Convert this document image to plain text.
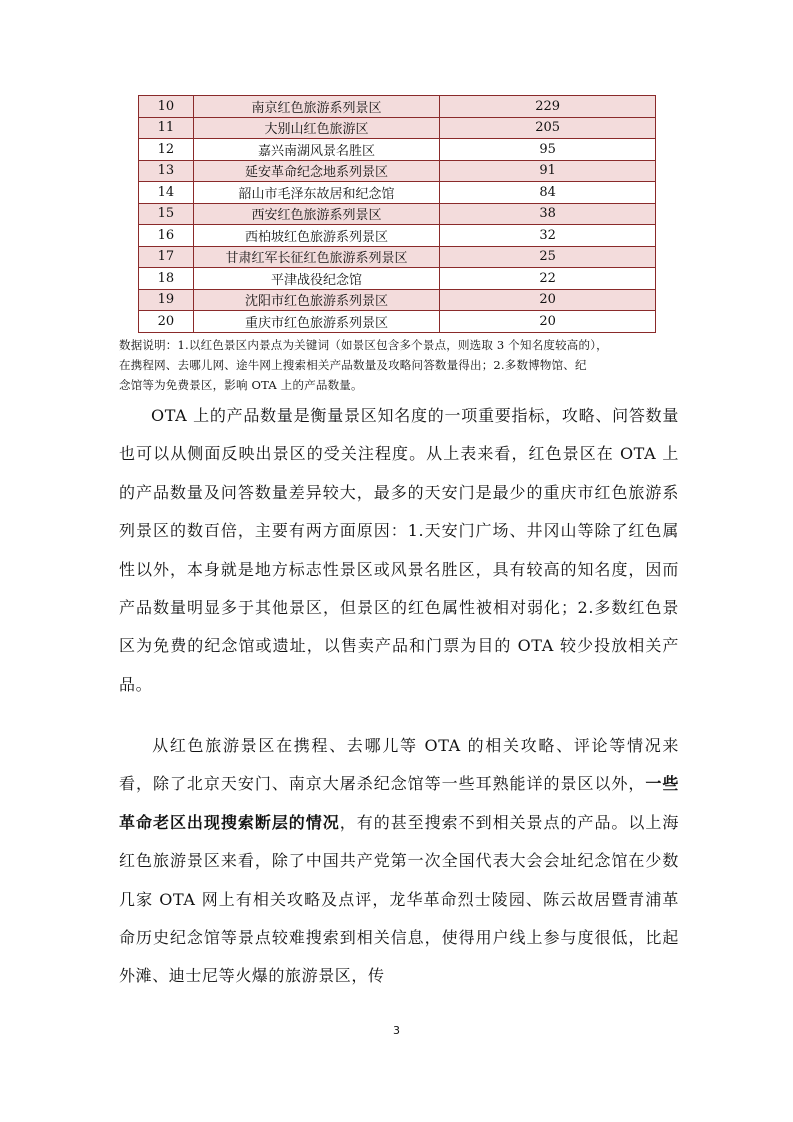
10	南京红色旅游系列景区	229
11	大别山红色旅游区	205
12	嘉兴南湖风景名胜区	95
13	延安革命纪念地系列景区	91
14	韶山市毛泽东故居和纪念馆	84
15	西安红色旅游系列景区	38
16	西柏坡红色旅游系列景区	32
17	甘肃红军长征红色旅游系列景区	25
18	平津战役纪念馆	22
19	沈阳市红色旅游系列景区	20
20	重庆市红色旅游系列景区	20
数据说明：1.以红色景区内景点为关键词（如景区包含多个景点，则选取 3 个知名度较高的），
在携程网、去哪儿网、途牛网上搜索相关产品数量及攻略问答数量得出；2.多数博物馆、纪
念馆等为免费景区，影响 OTA 上的产品数量。
OTA 上的产品数量是衡量景区知名度的一项重要指标，攻略、问答数量也可以从侧面反映出景区的受关注程度。从上表来看，红色景区在 OTA 上的产品数量及问答数量差异较大，最多的天安门是最少的重庆市红色旅游系列景区的数百倍，主要有两方面原因：1.天安门广场、井冈山等除了红色属性以外，本身就是地方标志性景区或风景名胜区，具有较高的知名度，因而产品数量明显多于其他景区，但景区的红色属性被相对弱化；2.多数红色景区为免费的纪念馆或遗址，以售卖产品和门票为目的 OTA 较少投放相关产品。
从红色旅游景区在携程、去哪儿等 OTA 的相关攻略、评论等情况来看，除了北京天安门、南京大屠杀纪念馆等一些耳熟能详的景区以外，一些革命老区出现搜索断层的情况，有的甚至搜索不到相关景点的产品。以上海红色旅游景区来看，除了中国共产党第一次全国代表大会会址纪念馆在少数几家 OTA 网上有相关攻略及点评，龙华革命烈士陵园、陈云故居暨青浦革命历史纪念馆等景点较难搜索到相关信息，使得用户线上参与度很低，比起外滩、迪士尼等火爆的旅游景区，传
3
